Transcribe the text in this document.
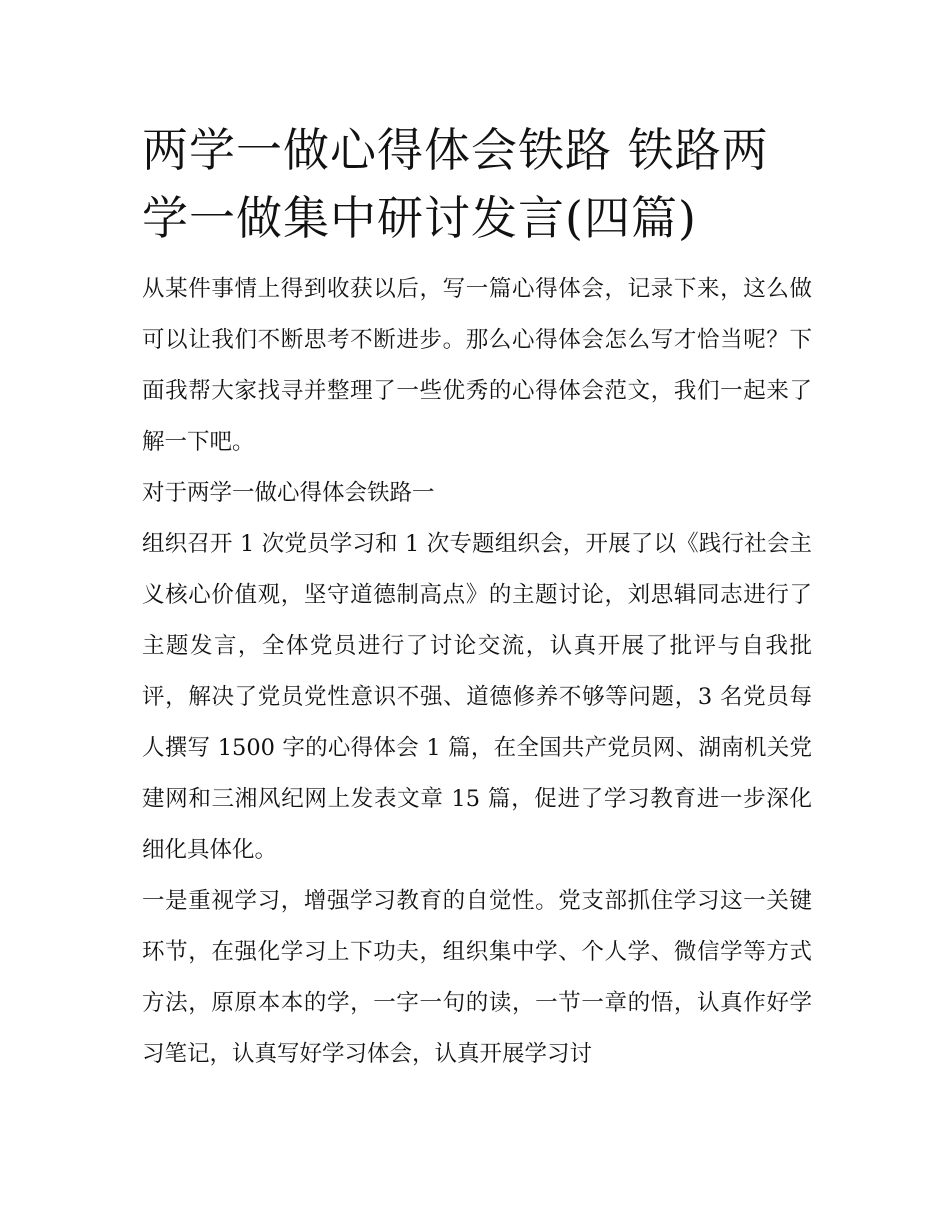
两学一做心得体会铁路 铁路两学一做集中研讨发言(四篇)

从某件事情上得到收获以后，写一篇心得体会，记录下来，这么做可以让我们不断思考不断进步。那么心得体会怎么写才恰当呢？下面我帮大家找寻并整理了一些优秀的心得体会范文，我们一起来了解一下吧。

对于两学一做心得体会铁路一

组织召开 1 次党员学习和 1 次专题组织会，开展了以《践行社会主义核心价值观，坚守道德制高点》的主题讨论，刘思辑同志进行了主题发言，全体党员进行了讨论交流，认真开展了批评与自我批评，解决了党员党性意识不强、道德修养不够等问题，3 名党员每人撰写 1500 字的心得体会 1 篇，在全国共产党员网、湖南机关党建网和三湘风纪网上发表文章 15 篇，促进了学习教育进一步深化细化具体化。

一是重视学习，增强学习教育的自觉性。党支部抓住学习这一关键环节，在强化学习上下功夫，组织集中学、个人学、微信学等方式方法，原原本本的学，一字一句的读，一节一章的悟，认真作好学习笔记，认真写好学习体会，认真开展学习讨
